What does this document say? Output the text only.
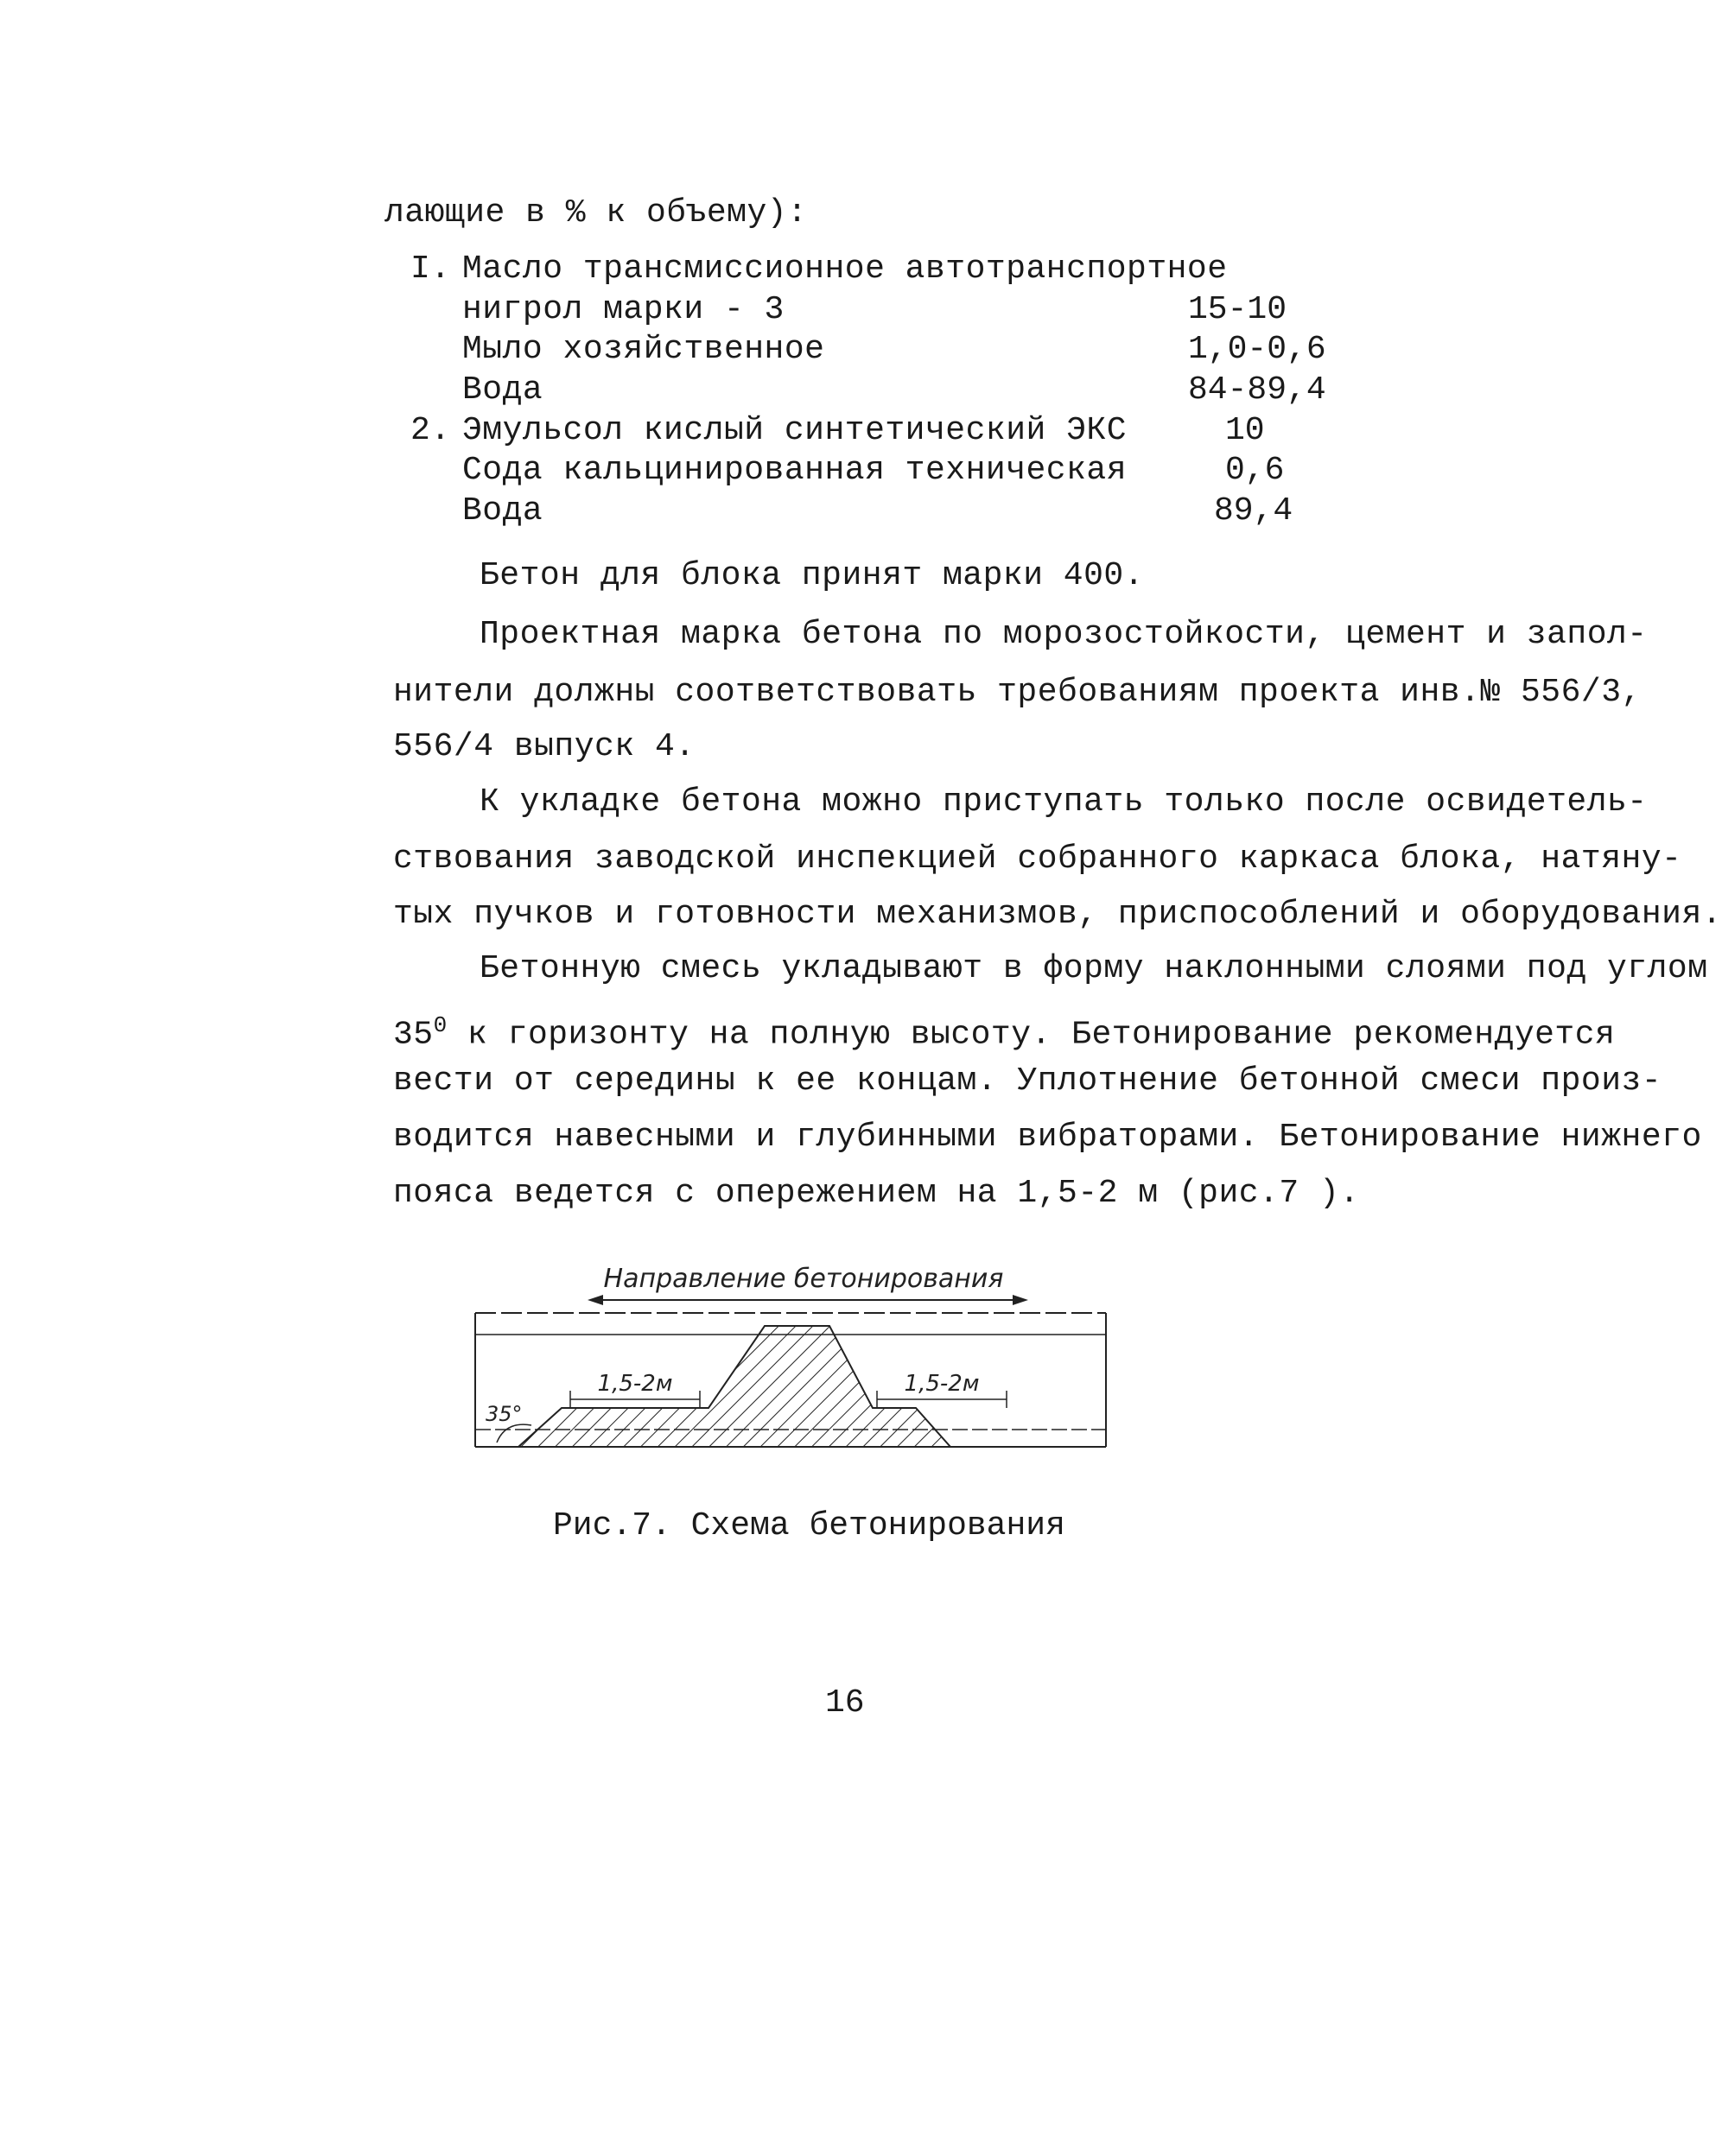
лающие в % к объему):
I. Масло трансмиссионное автотранспортное
нигрол марки - 3	15-10
Мыло хозяйственное	1,0-0,6
Вода	84-89,4
2. Эмульсол кислый синтетический ЭКС	10
Сода кальцинированная техническая	0,6
Вода	89,4
Бетон для блока принят марки 400.
Проектная марка бетона по морозостойкости, цемент и запол-
нители должны соответствовать требованиям проекта инв.№ 556/3,
556/4 выпуск 4.
К укладке бетона можно приступать только после освидетель-
ствования заводской инспекцией собранного каркаса блока, натяну-
тых пучков и готовности механизмов, приспособлений и оборудования.
Бетонную смесь укладывают в форму наклонными слоями под углом
$35^0$ к горизонту на полную высоту. Бетонирование рекомендуется
вести от середины к ее концам. Уплотнение бетонной смеси произ-
водится навесными и глубинными вибраторами. Бетонирование нижнего
пояса ведется с опережением на 1,5-2 м (рис.7 ).
Направление бетонирования
1,5-2м	1,5-2м
35°
Рис.7. Схема бетонирования
16
